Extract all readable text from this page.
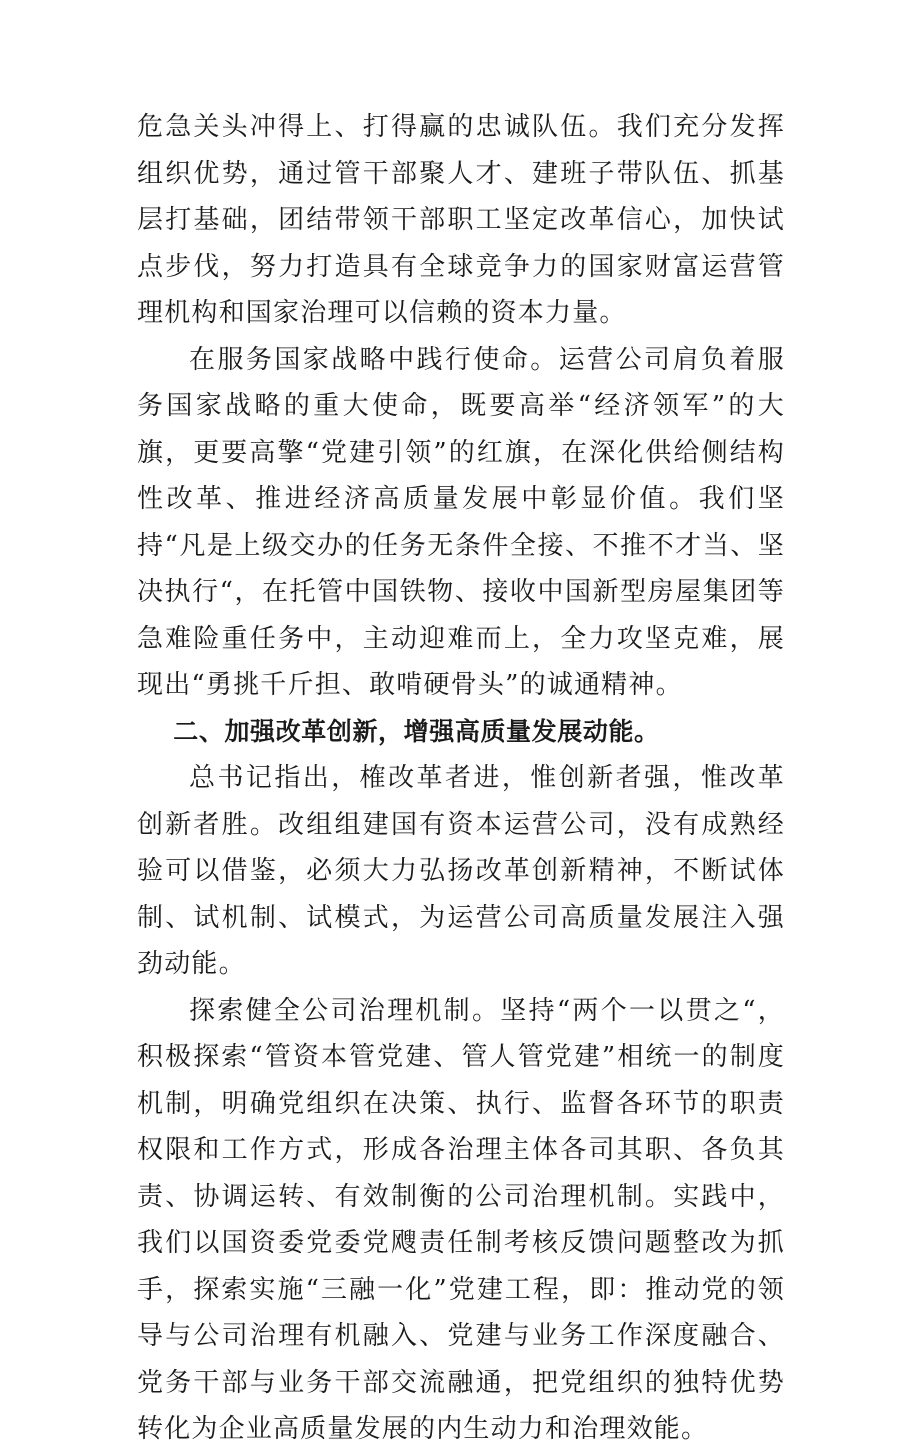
危急关头冲得上、打得赢的忠诚队伍。我们充分发挥组织优势，通过管干部聚人才、建班子带队伍、抓基层打基础，团结带领干部职工坚定改革信心，加快试点步伐，努力打造具有全球竞争力的国家财富运营管理机构和国家治理可以信赖的资本力量。

在服务国家战略中践行使命。运营公司肩负着服务国家战略的重大使命，既要高举“经济领军”的大旗，更要高擎“党建引领”的红旗，在深化供给侧结构性改革、推进经济高质量发展中彰显价值。我们坚持“凡是上级交办的任务无条件全接、不推不才当、坚决执行“，在托管中国铁物、接收中国新型房屋集团等急难险重任务中，主动迎难而上，全力攻坚克难，展现出“勇挑千斤担、敢啃硬骨头”的诚通精神。

二、加强改革创新，增强高质量发展动能。

总书记指出，榷改革者进，惟创新者强，惟改革创新者胜。改组组建国有资本运营公司，没有成熟经验可以借鉴，必须大力弘扬改革创新精神，不断试体制、试机制、试模式，为运营公司高质量发展注入强劲动能。

探索健全公司治理机制。坚持“两个一以贯之“，积极探索“管资本管党建、管人管党建”相统一的制度机制，明确党组织在决策、执行、监督各环节的职责权限和工作方式，形成各治理主体各司其职、各负其责、协调运转、有效制衡的公司治理机制。实践中，我们以国资委党委党飕责任制考核反馈问题整改为抓手，探索实施“三融一化”党建工程，即：推动党的领导与公司治理有机融入、党建与业务工作深度融合、党务干部与业务干部交流融通，把党组织的独特优势转化为企业高质量发展的内生动力和治理效能。
